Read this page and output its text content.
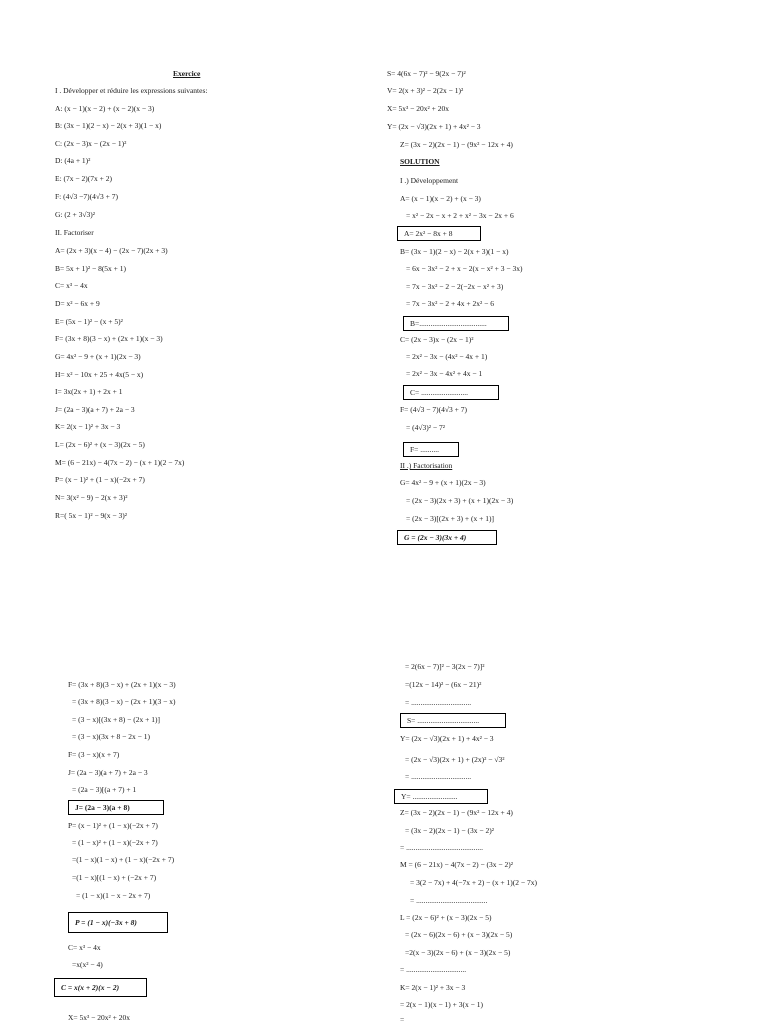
Exercice
I . Développer et réduire les expressions suivantes:
A: (x − 1)(x − 2) + (x − 2)(x − 3)
B: (3x − 1)(2 − x) − 2(x + 3)(1 − x)
C: (2x − 3)x − (2x − 1)²
D: (4a + 1)²
E: (7x − 2)(7x + 2)
F: (4√3 −7)(4√3 + 7)
G: (2 + 3√3)²
II. Factoriser
A= (2x + 3)(x − 4) − (2x − 7)(2x + 3)
B= 5x + 1)² − 8(5x + 1)
C= x³ − 4x
D= x² − 6x + 9
E= (5x − 1)² − (x + 5)²
F= (3x + 8)(3 − x) + (2x + 1)(x − 3)
G= 4x² − 9 + (x + 1)(2x − 3)
H= x² − 10x + 25 + 4x(5 − x)
I= 3x(2x + 1) + 2x + 1
J= (2a − 3)(a + 7) + 2a − 3
K= 2(x − 1)² + 3x − 3
L= (2x − 6)² + (x − 3)(2x − 5)
M= (6 − 21x) − 4(7x − 2) − (x + 1)(2 − 7x)
P= (x − 1)² + (1 − x)(−2x + 7)
N= 3(x² − 9) − 2(x + 3)²
R=( 5x − 1)² − 9(x − 3)²
S= 4(6x − 7)² − 9(2x − 7)²
V= 2(x + 3)² − 2(2x − 1)²
X= 5x³ − 20x² + 20x
Y= (2x − √3)(2x + 1) + 4x² − 3
Z= (3x − 2)(2x − 1) − (9x² − 12x + 4)
SOLUTION
I .) Développement
A= (x − 1)(x − 2) + (x − 3)
= x² − 2x − x + 2 + x² − 3x − 2x + 6
A= 2x² − 8x + 8
B= (3x − 1)(2 − x) − 2(x + 3)(1 − x)
= 6x − 3x² − 2 + x − 2(x − x² + 3 − 3x)
= 7x − 3x² − 2 − 2(−2x − x² + 3)
= 7x − 3x² − 2 + 4x + 2x² − 6
B=....................................
C= (2x − 3)x − (2x − 1)²
= 2x² − 3x − (4x² − 4x + 1)
= 2x² − 3x − 4x² + 4x − 1
C= .........................
F= (4√3 − 7)(4√3 + 7)
= (4√3)² − 7²
F= ..........
II .) Factorisation
G= 4x² − 9 + (x + 1)(2x − 3)
= (2x − 3)(2x + 3) + (x + 1)(2x − 3)
= (2x − 3)[(2x + 3) + (x + 1)]
G = (2x − 3)(3x + 4)
F= (3x + 8)(3 − x) + (2x + 1)(x − 3)
= (3x + 8)(3 − x) − (2x + 1)(3 − x)
= (3 − x)[(3x + 8) − (2x + 1)]
= (3 − x)(3x + 8 − 2x − 1)
F= (3 − x)(x + 7)
J= (2a − 3)(a + 7) + 2a − 3
= (2a − 3)[(a + 7) + 1
J= (2a − 3)(a + 8)
P= (x − 1)² + (1 − x)(−2x + 7)
= (1 − x)² + (1 − x)(−2x + 7)
=(1 − x)(1 − x) + (1 − x)(−2x + 7)
=(1 − x)[(1 − x) + (−2x + 7)
= (1 − x)(1 − x − 2x + 7)
P = (1 − x)(−3x + 8)
C= x³ − 4x
=x(x² − 4)
C = x(x + 2)(x − 2)
X= 5x³ − 20x² + 20x
= 2(6x − 7)]² − 3(2x − 7)]²
=(12x − 14)² − (6x − 21)²
= ................................
S= .................................
Y= (2x − √3)(2x + 1) + 4x² − 3
= (2x − √3)(2x + 1) + (2x)² − √3²
= ................................
Y= ........................
Z= (3x − 2)(2x − 1) − (9x² − 12x + 4)
= (3x − 2)(2x − 1) − (3x − 2)²
= .........................................
M = (6 − 21x) − 4(7x − 2) − (3x − 2)²
= 3(2 − 7x) + 4(−7x + 2) − (x + 1)(2 − 7x)
= ......................................
L = (2x − 6)² + (x − 3)(2x − 5)
= (2x − 6)(2x − 6) + (x − 3)(2x − 5)
=2(x − 3)(2x − 6) + (x − 3)(2x − 5)
= ................................
K= 2(x − 1)² + 3x − 3
= 2(x − 1)(x − 1) + 3(x − 1)
=
